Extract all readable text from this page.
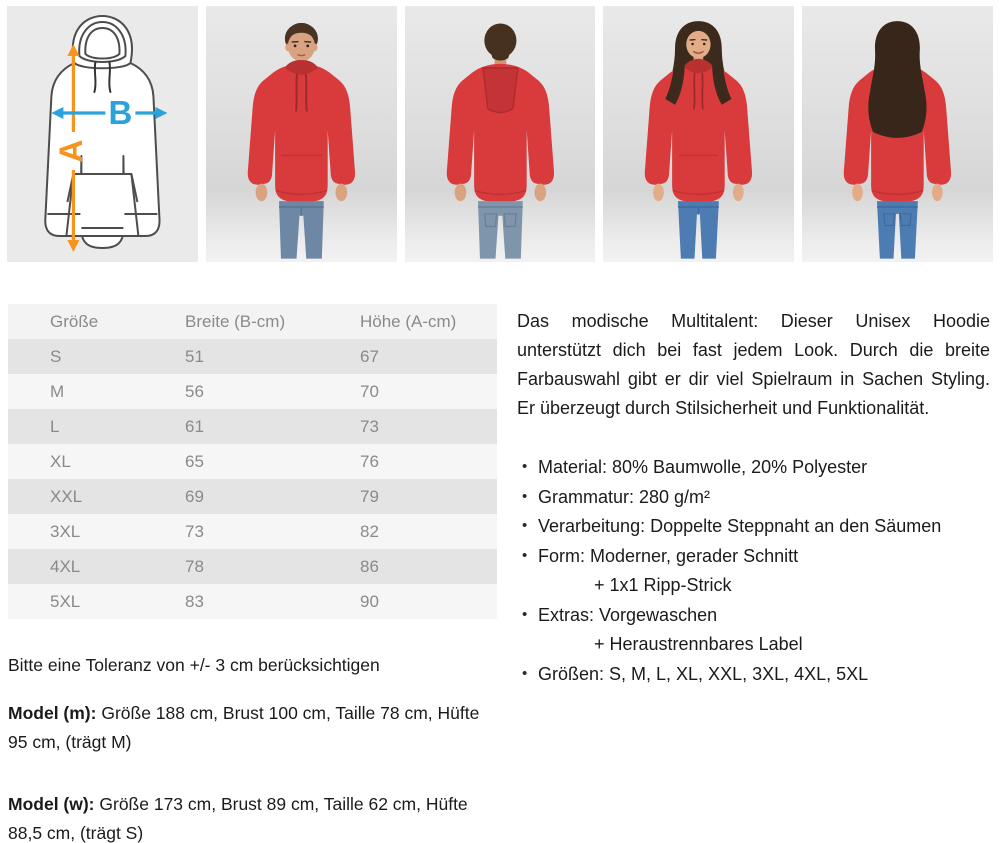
A
B
Größe	Breite (B-cm)	Höhe (A-cm)
S	51	67
M	56	70
L	61	73
XL	65	76
XXL	69	79
3XL	73	82
4XL	78	86
5XL	83	90

Bitte eine Toleranz von +/- 3 cm berücksichtigen

Model (m): Größe 188 cm, Brust 100 cm, Taille 78 cm, Hüfte 95 cm, (trägt M)

Model (w): Größe 173 cm, Brust 89 cm, Taille 62 cm, Hüfte 88,5 cm, (trägt S)

Das modische Multitalent: Dieser Unisex Hoodie unterstützt dich bei fast jedem Look. Durch die breite Farbauswahl gibt er dir viel Spielraum in Sachen Styling. Er überzeugt durch Stilsicherheit und Funktionalität.

• Material: 80% Baumwolle, 20% Polyester
• Grammatur: 280 g/m²
• Verarbeitung: Doppelte Steppnaht an den Säumen
• Form: Moderner, gerader Schnitt
+ 1x1 Ripp-Strick
• Extras: Vorgewaschen
+ Heraustrennbares Label
• Größen: S, M, L, XL, XXL, 3XL, 4XL, 5XL
